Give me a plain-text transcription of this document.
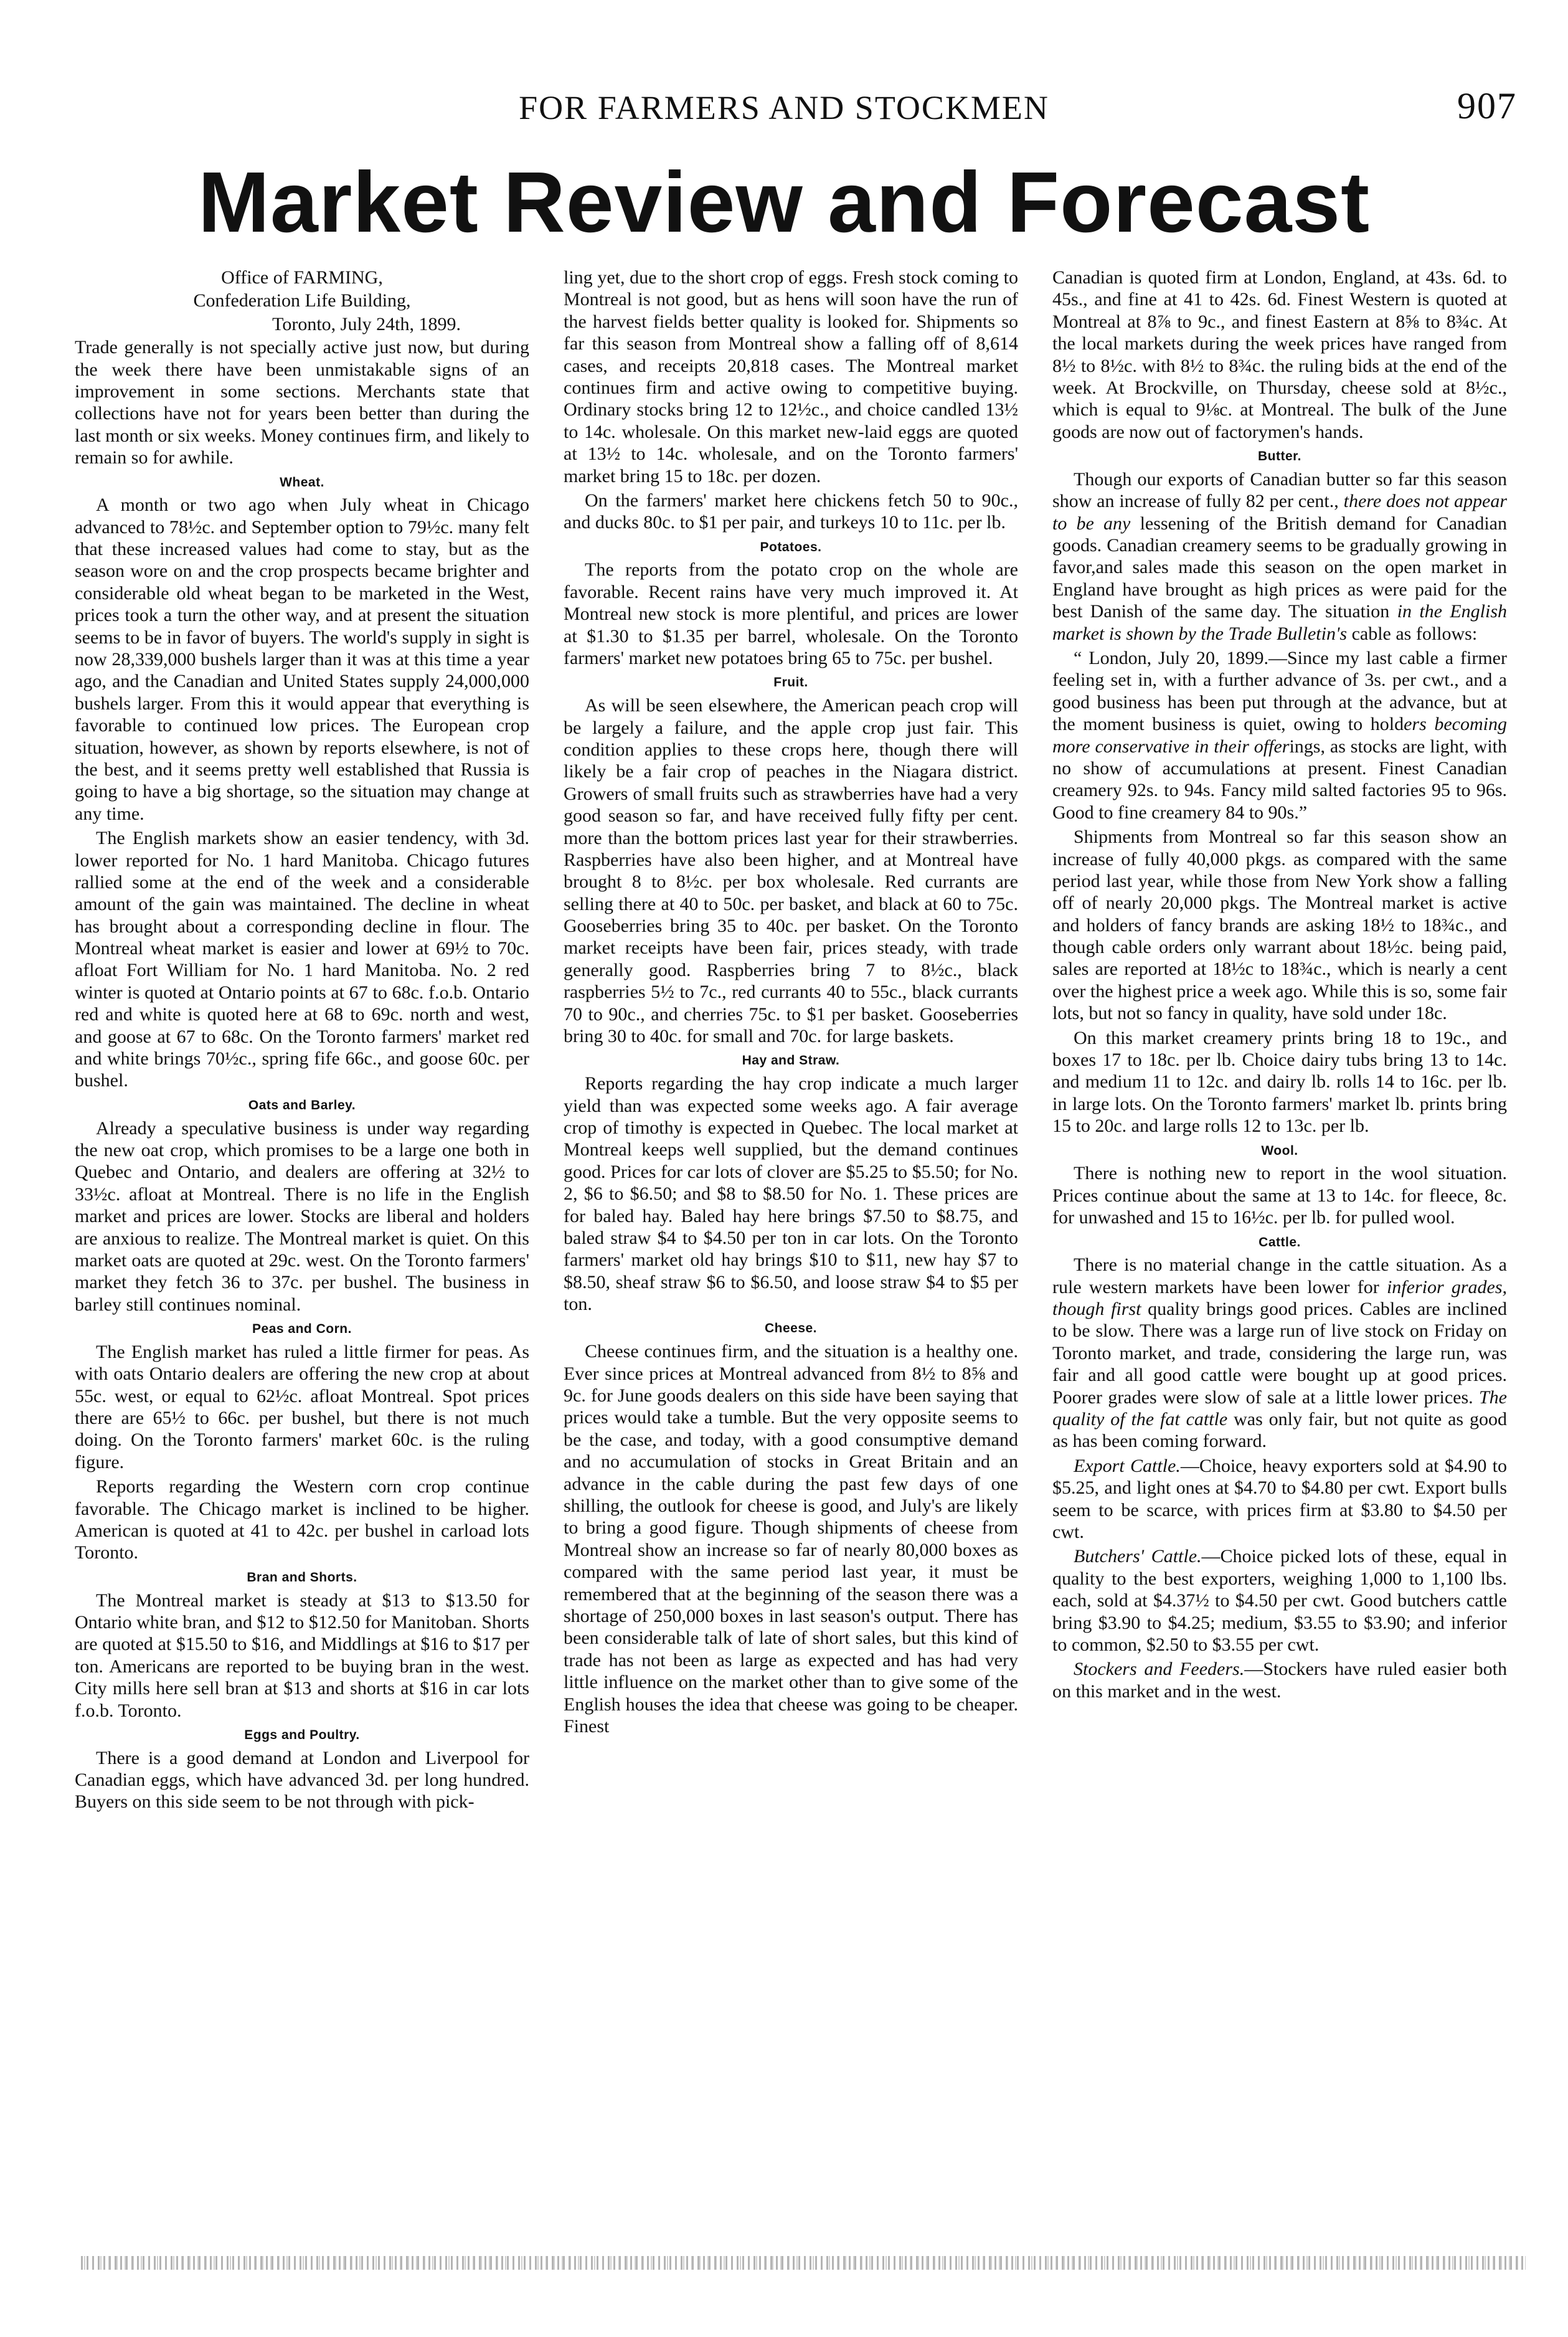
FOR FARMERS AND STOCKMEN	907
Market Review and Forecast
Office of FARMING,
Confederation Life Building,
Toronto, July 24th, 1899.

Trade generally is not specially active just now, but during the week there have been unmistakable signs of an improvement in some sections. Merchants state that collections have not for years been better than during the last month or six weeks. Money continues firm, and likely to remain so for awhile.

Wheat.

A month or two ago when July wheat in Chicago advanced to 78½c. and September option to 79½c. many felt that these increased values had come to stay, but as the season wore on and the crop prospects became brighter and considerable old wheat began to be marketed in the West, prices took a turn the other way, and at present the situation seems to be in favor of buyers. The world's supply in sight is now 28,339,000 bushels larger than it was at this time a year ago, and the Canadian and United States supply 24,000,000 bushels larger. From this it would appear that everything is favorable to continued low prices. The European crop situation, however, as shown by reports elsewhere, is not of the best, and it seems pretty well established that Russia is going to have a big shortage, so the situation may change at any time.

The English markets show an easier tendency, with 3d. lower reported for No. 1 hard Manitoba. Chicago futures rallied some at the end of the week and a considerable amount of the gain was maintained. The decline in wheat has brought about a corresponding decline in flour. The Montreal wheat market is easier and lower at 69½ to 70c. afloat Fort William for No. 1 hard Manitoba. No. 2 red winter is quoted at Ontario points at 67 to 68c. f.o.b. Ontario red and white is quoted here at 68 to 69c. north and west, and goose at 67 to 68c. On the Toronto farmers' market red and white brings 70½c., spring fife 66c., and goose 60c. per bushel.

Oats and Barley.

Already a speculative business is under way regarding the new oat crop, which promises to be a large one both in Quebec and Ontario, and dealers are offering at 32½ to 33½c. afloat at Montreal. There is no life in the English market and prices are lower. Stocks are liberal and holders are anxious to realize. The Montreal market is quiet. On this market oats are quoted at 29c. west. On the Toronto farmers' market they fetch 36 to 37c. per bushel. The business in barley still continues nominal.

Peas and Corn.

The English market has ruled a little firmer for peas. As with oats Ontario dealers are offering the new crop at about 55c. west, or equal to 62½c. afloat Montreal. Spot prices there are 65½ to 66c. per bushel, but there is not much doing. On the Toronto farmers' market 60c. is the ruling figure.

Reports regarding the Western corn crop continue favorable. The Chicago market is inclined to be higher. American is quoted at 41 to 42c. per bushel in carload lots Toronto.

Bran and Shorts.

The Montreal market is steady at $13 to $13.50 for Ontario white bran, and $12 to $12.50 for Manitoban. Shorts are quoted at $15.50 to $16, and Middlings at $16 to $17 per ton. Americans are reported to be buying bran in the west. City mills here sell bran at $13 and shorts at $16 in car lots f.o.b. Toronto.

Eggs and Poultry.

There is a good demand at London and Liverpool for Canadian eggs, which have advanced 3d. per long hundred. Buyers on this side seem to be not through with pick-

ling yet, due to the short crop of eggs. Fresh stock coming to Montreal is not good, but as hens will soon have the run of the harvest fields better quality is looked for. Shipments so far this season from Montreal show a falling off of 8,614 cases, and receipts 20,818 cases. The Montreal market continues firm and active owing to competitive buying. Ordinary stocks bring 12 to 12½c., and choice candled 13½ to 14c. wholesale. On this market new-laid eggs are quoted at 13½ to 14c. wholesale, and on the Toronto farmers' market bring 15 to 18c. per dozen.

On the farmers' market here chickens fetch 50 to 90c., and ducks 80c. to $1 per pair, and turkeys 10 to 11c. per lb.

Potatoes.

The reports from the potato crop on the whole are favorable. Recent rains have very much improved it. At Montreal new stock is more plentiful, and prices are lower at $1.30 to $1.35 per barrel, wholesale. On the Toronto farmers' market new potatoes bring 65 to 75c. per bushel.

Fruit.

As will be seen elsewhere, the American peach crop will be largely a failure, and the apple crop just fair. This condition applies to these crops here, though there will likely be a fair crop of peaches in the Niagara district. Growers of small fruits such as strawberries have had a very good season so far, and have received fully fifty per cent. more than the bottom prices last year for their strawberries. Raspberries have also been higher, and at Montreal have brought 8 to 8½c. per box wholesale. Red currants are selling there at 40 to 50c. per basket, and black at 60 to 75c. Gooseberries bring 35 to 40c. per basket. On the Toronto market receipts have been fair, prices steady, with trade generally good. Raspberries bring 7 to 8½c., black raspberries 5½ to 7c., red currants 40 to 55c., black currants 70 to 90c., and cherries 75c. to $1 per basket. Gooseberries bring 30 to 40c. for small and 70c. for large baskets.

Hay and Straw.

Reports regarding the hay crop indicate a much larger yield than was expected some weeks ago. A fair average crop of timothy is expected in Quebec. The local market at Montreal keeps well supplied, but the demand continues good. Prices for car lots of clover are $5.25 to $5.50; for No. 2, $6 to $6.50; and $8 to $8.50 for No. 1. These prices are for baled hay. Baled hay here brings $7.50 to $8.75, and baled straw $4 to $4.50 per ton in car lots. On the Toronto farmers' market old hay brings $10 to $11, new hay $7 to $8.50, sheaf straw $6 to $6.50, and loose straw $4 to $5 per ton.

Cheese.

Cheese continues firm, and the situation is a healthy one. Ever since prices at Montreal advanced from 8½ to 8⅝ and 9c. for June goods dealers on this side have been saying that prices would take a tumble. But the very opposite seems to be the case, and today, with a good consumptive demand and no accumulation of stocks in Great Britain and an advance in the cable during the past few days of one shilling, the outlook for cheese is good, and July's are likely to bring a good figure. Though shipments of cheese from Montreal show an increase so far of nearly 80,000 boxes as compared with the same period last year, it must be remembered that at the beginning of the season there was a shortage of 250,000 boxes in last season's output. There has been considerable talk of late of short sales, but this kind of trade has not been as large as expected and has had very little influence on the market other than to give some of the English houses the idea that cheese was going to be cheaper. Finest

Canadian is quoted firm at London, England, at 43s. 6d. to 45s., and fine at 41 to 42s. 6d. Finest Western is quoted at Montreal at 8⅞ to 9c., and finest Eastern at 8⅝ to 8¾c. At the local markets during the week prices have ranged from 8½ to 8½c. with 8½ to 8¾c. the ruling bids at the end of the week. At Brockville, on Thursday, cheese sold at 8½c., which is equal to 9⅛c. at Montreal. The bulk of the June goods are now out of factorymen's hands.

Butter.

Though our exports of Canadian butter so far this season show an increase of fully 82 per cent., there does not appear to be any lessening of the British demand for Canadian goods. Canadian creamery seems to be gradually growing in favor,and sales made this season on the open market in England have brought as high prices as were paid for the best Danish of the same day. The situation in the English market is shown by the Trade Bulletin's cable as follows:

“ London, July 20, 1899.—Since my last cable a firmer feeling set in, with a further advance of 3s. per cwt., and a good business has been put through at the advance, but at the moment business is quiet, owing to holders becoming more conservative in their offerings, as stocks are light, with no show of accumulations at present. Finest Canadian creamery 92s. to 94s. Fancy mild salted factories 95 to 96s. Good to fine creamery 84 to 90s.”

Shipments from Montreal so far this season show an increase of fully 40,000 pkgs. as compared with the same period last year, while those from New York show a falling off of nearly 20,000 pkgs. The Montreal market is active and holders of fancy brands are asking 18½ to 18¾c., and though cable orders only warrant about 18½c. being paid, sales are reported at 18½c to 18¾c., which is nearly a cent over the highest price a week ago. While this is so, some fair lots, but not so fancy in quality, have sold under 18c.

On this market creamery prints bring 18 to 19c., and boxes 17 to 18c. per lb. Choice dairy tubs bring 13 to 14c. and medium 11 to 12c. and dairy lb. rolls 14 to 16c. per lb. in large lots. On the Toronto farmers' market lb. prints bring 15 to 20c. and large rolls 12 to 13c. per lb.

Wool.

There is nothing new to report in the wool situation. Prices continue about the same at 13 to 14c. for fleece, 8c. for unwashed and 15 to 16½c. per lb. for pulled wool.

Cattle.

There is no material change in the cattle situation. As a rule western markets have been lower for inferior grades, though first quality brings good prices. Cables are inclined to be slow. There was a large run of live stock on Friday on Toronto market, and trade, considering the large run, was fair and all good cattle were bought up at good prices. Poorer grades were slow of sale at a little lower prices. The quality of the fat cattle was only fair, but not quite as good as has been coming forward.

Export Cattle.—Choice, heavy exporters sold at $4.90 to $5.25, and light ones at $4.70 to $4.80 per cwt. Export bulls seem to be scarce, with prices firm at $3.80 to $4.50 per cwt.

Butchers' Cattle.—Choice picked lots of these, equal in quality to the best exporters, weighing 1,000 to 1,100 lbs. each, sold at $4.37½ to $4.50 per cwt. Good butchers cattle bring $3.90 to $4.25; medium, $3.55 to $3.90; and inferior to common, $2.50 to $3.55 per cwt.

Stockers and Feeders.—Stockers have ruled easier both on this market and in the west.
